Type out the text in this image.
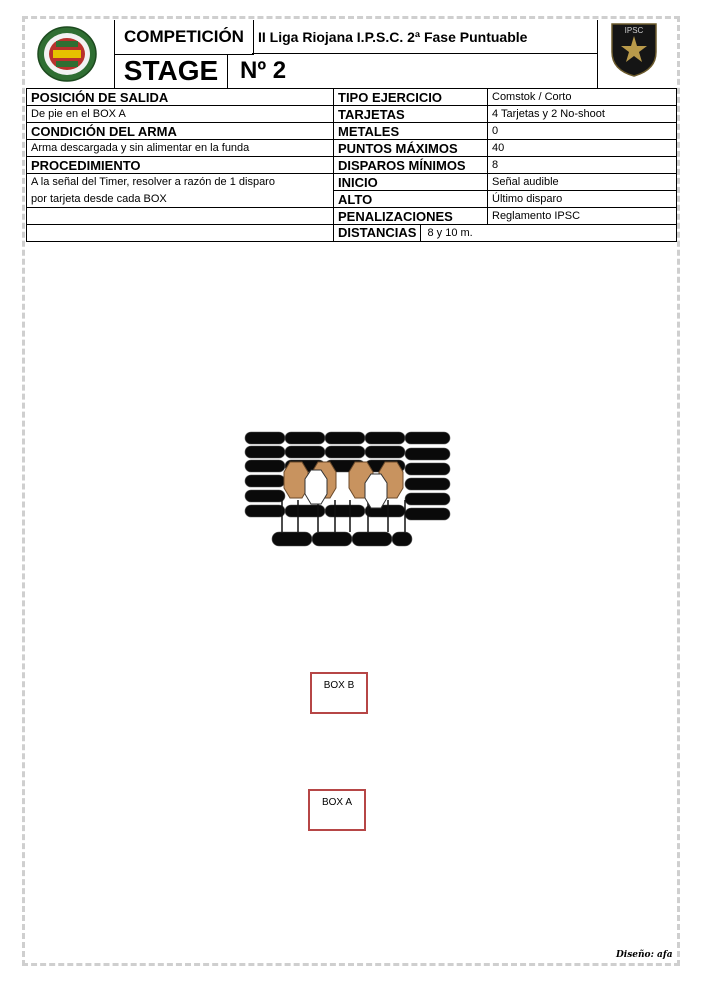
IPSC
COMPETICIÓN	II Liga Riojana I.P.S.C. 2ª Fase Puntuable
STAGE Nº 2
POSICIÓN DE SALIDA	TIPO EJERCICIO	Comstok / Corto
De pie en el BOX A	TARJETAS	4 Tarjetas y 2 No-shoot
CONDICIÓN DEL ARMA	METALES	0
Arma descargada y sin alimentar en la funda	PUNTOS MÁXIMOS	40
PROCEDIMIENTO	DISPAROS MÍNIMOS	8
A la señal del Timer, resolver a razón de 1 disparo	INICIO	Señal audible
por tarjeta desde cada BOX	ALTO	Último disparo
	PENALIZACIONES	Reglamento IPSC

	DISTANCIAS 8 y 10 m.	
BOX B
BOX A
Diseño: afa
